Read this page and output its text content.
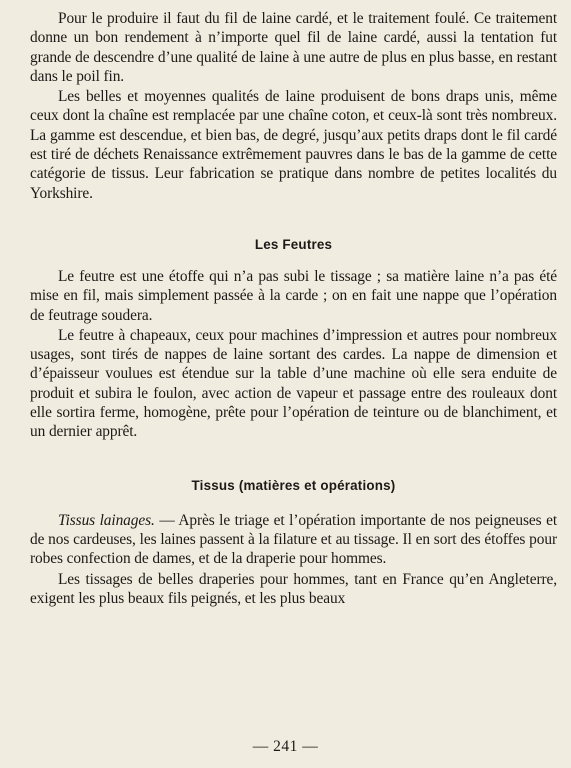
Pour le produire il faut du fil de laine cardé, et le traitement foulé. Ce traitement donne un bon rendement à n’importe quel fil de laine cardé, aussi la tentation fut grande de descendre d’une qualité de laine à une autre de plus en plus basse, en restant dans le poil fin.

Les belles et moyennes qualités de laine produisent de bons draps unis, même ceux dont la chaîne est remplacée par une chaîne coton, et ceux-là sont très nombreux. La gamme est descendue, et bien bas, de degré, jusqu’aux petits draps dont le fil cardé est tiré de déchets Renaissance extrêmement pauvres dans le bas de la gamme de cette catégorie de tissus. Leur fabrication se pratique dans nombre de petites localités du Yorkshire.

Les Feutres

Le feutre est une étoffe qui n’a pas subi le tissage ; sa matière laine n’a pas été mise en fil, mais simplement passée à la carde ; on en fait une nappe que l’opération de feutrage soudera.

Le feutre à chapeaux, ceux pour machines d’impression et autres pour nombreux usages, sont tirés de nappes de laine sortant des cardes. La nappe de dimension et d’épaisseur voulues est étendue sur la table d’une machine où elle sera enduite de produit et subira le foulon, avec action de vapeur et passage entre des rouleaux dont elle sortira ferme, homogène, prête pour l’opération de teinture ou de blanchiment, et un dernier apprêt.

Tissus (matières et opérations)

Tissus lainages. — Après le triage et l’opération importante de nos peigneuses et de nos cardeuses, les laines passent à la filature et au tissage. Il en sort des étoffes pour robes confection de dames, et de la draperie pour hommes.

Les tissages de belles draperies pour hommes, tant en France qu’en Angleterre, exigent les plus beaux fils peignés, et les plus beaux

— 241 —
